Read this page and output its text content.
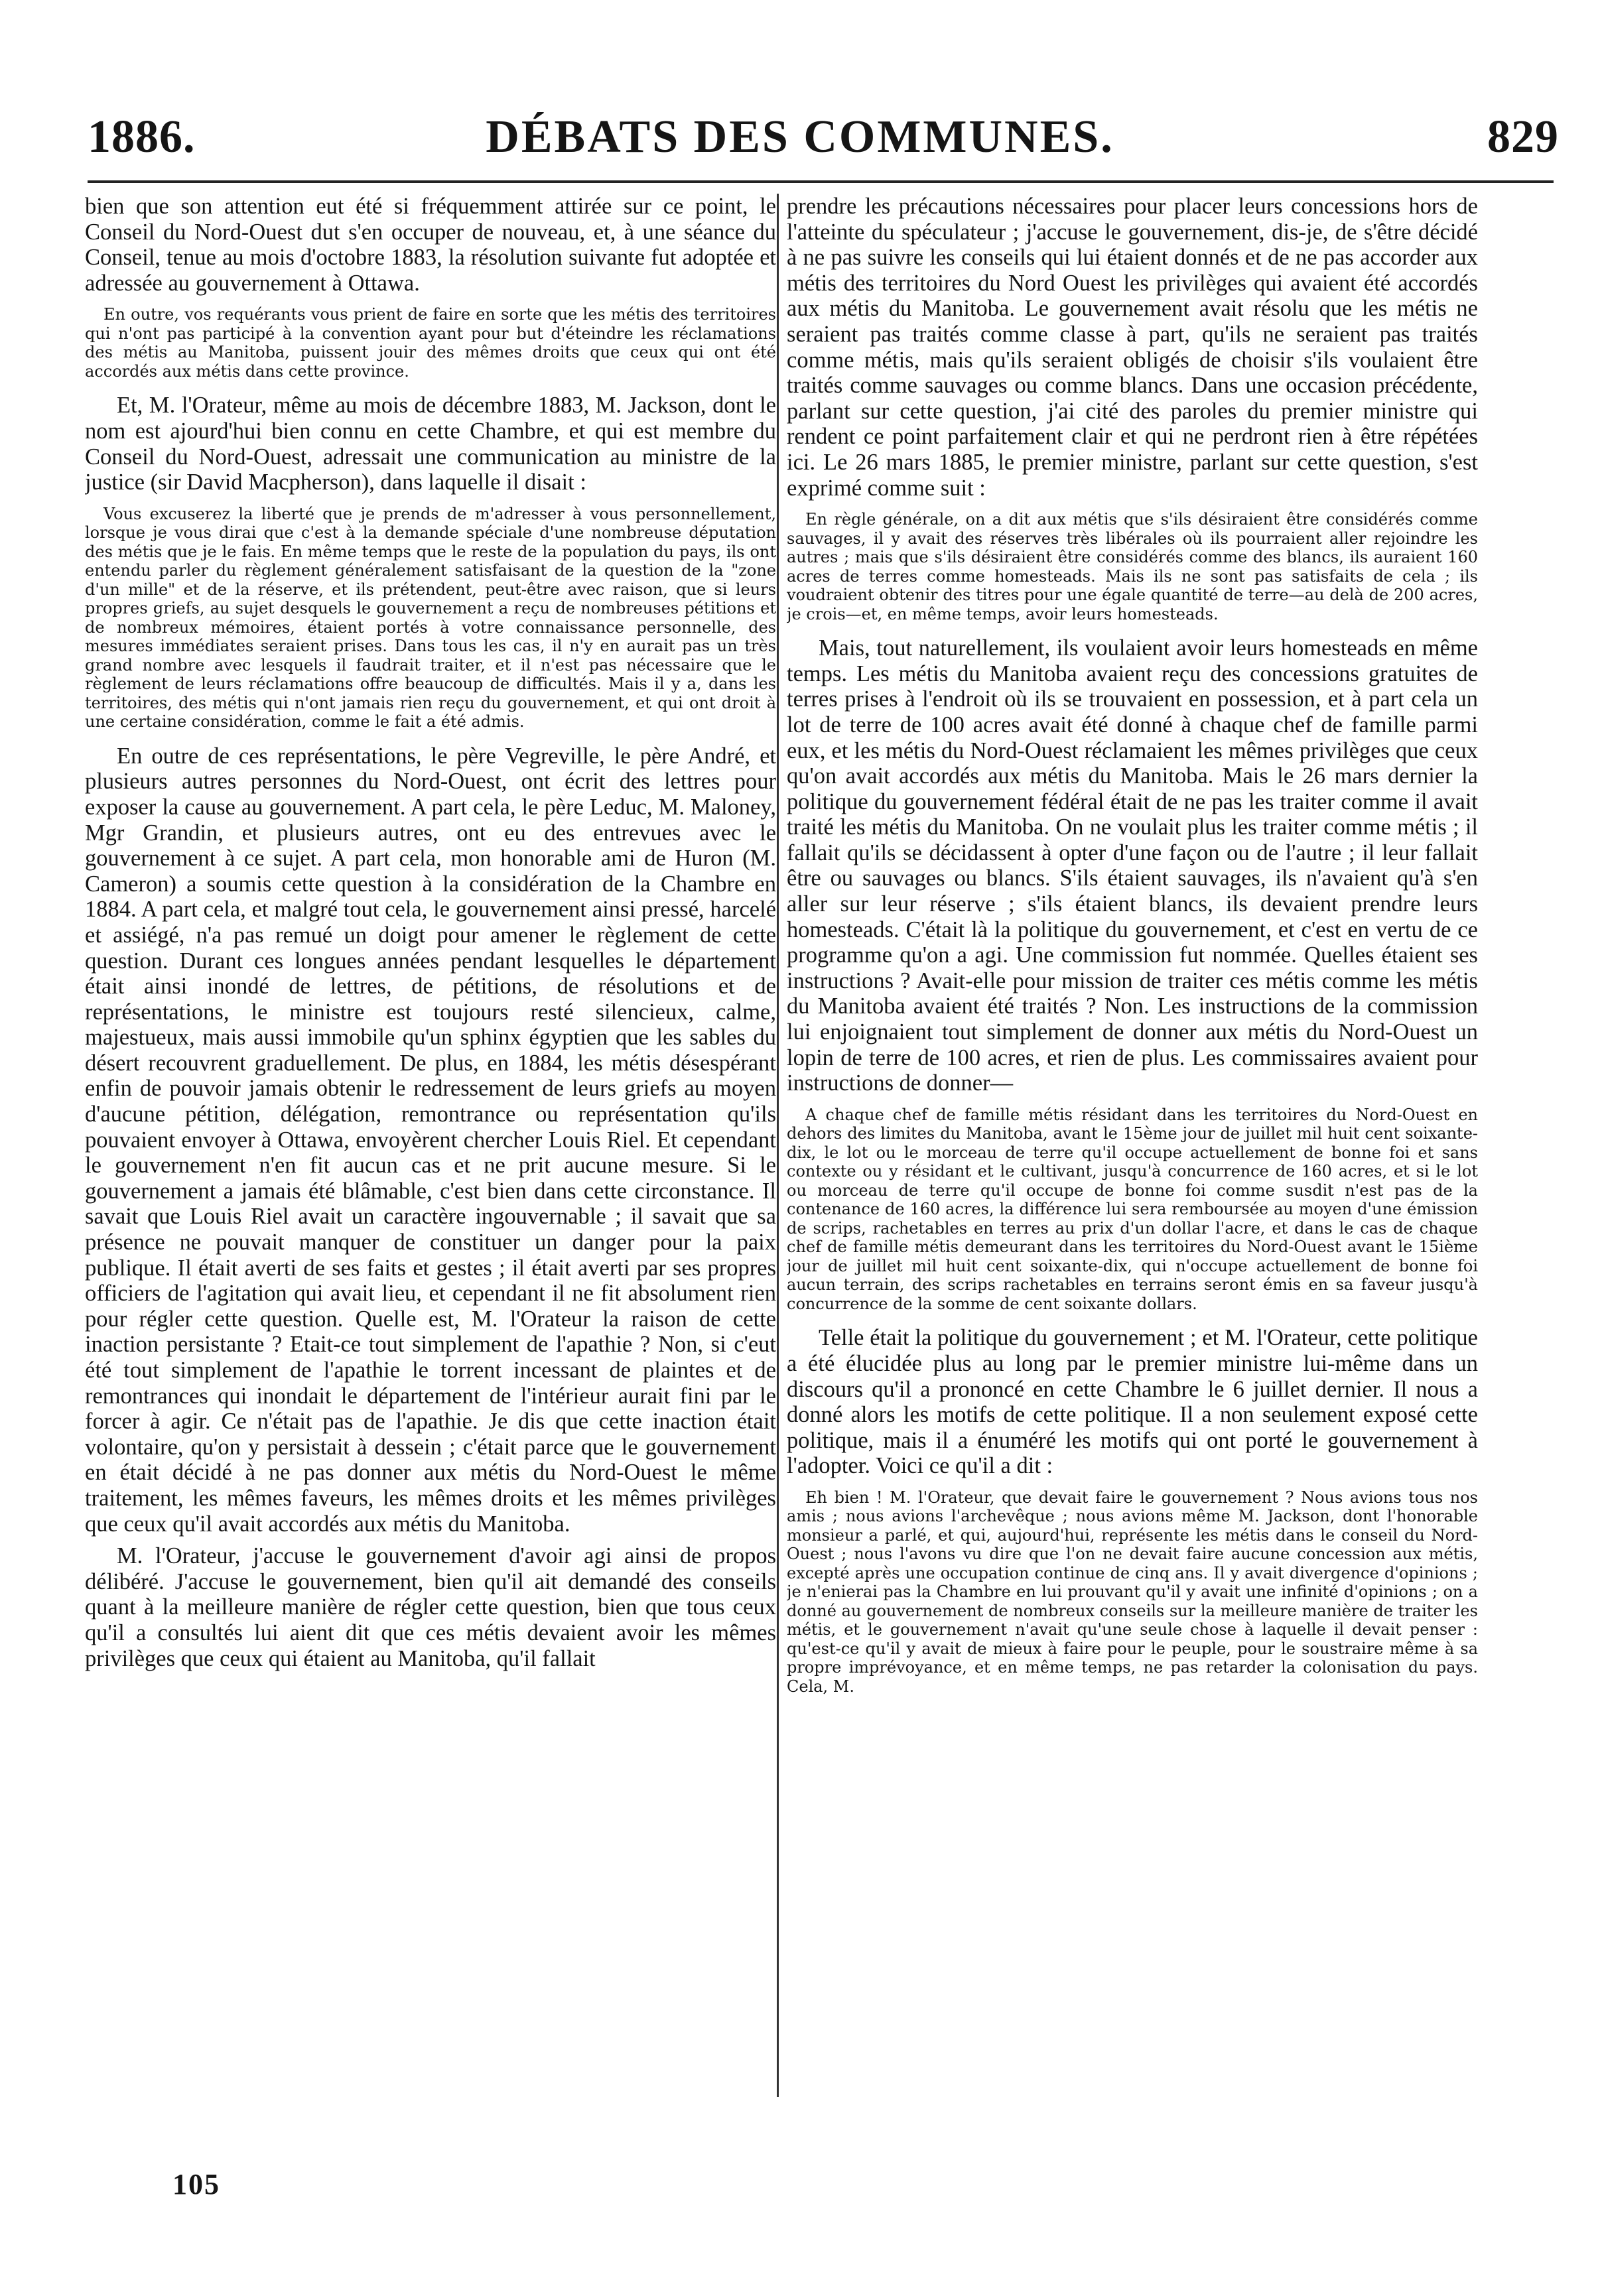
1886.	DÉBATS DES COMMUNES.	829

bien que son attention eut été si fréquemment attirée sur ce point, le Conseil du Nord-Ouest dut s'en occuper de nouveau, et, à une séance du Conseil, tenue au mois d'octobre 1883, la résolution suivante fut adoptée et adressée au gouvernement à Ottawa.

En outre, vos requérants vous prient de faire en sorte que les métis des territoires qui n'ont pas participé à la convention ayant pour but d'éteindre les réclamations des métis au Manitoba, puissent jouir des mêmes droits que ceux qui ont été accordés aux métis dans cette province.

Et, M. l'Orateur, même au mois de décembre 1883, M. Jackson, dont le nom est ajourd'hui bien connu en cette Chambre, et qui est membre du Conseil du Nord-Ouest, adressait une communication au ministre de la justice (sir David Macpherson), dans laquelle il disait :

Vous excuserez la liberté que je prends de m'adresser à vous personnellement, lorsque je vous dirai que c'est à la demande spéciale d'une nombreuse députation des métis que je le fais. En même temps que le reste de la population du pays, ils ont entendu parler du règlement généralement satisfaisant de la question de la "zone d'un mille" et de la réserve, et ils prétendent, peut-être avec raison, que si leurs propres griefs, au sujet desquels le gouvernement a reçu de nombreuses pétitions et de nombreux mémoires, étaient portés à votre connaissance personnelle, des mesures immédiates seraient prises. Dans tous les cas, il n'y en aurait pas un très grand nombre avec lesquels il faudrait traiter, et il n'est pas nécessaire que le règlement de leurs réclamations offre beaucoup de difficultés. Mais il y a, dans les territoires, des métis qui n'ont jamais rien reçu du gouvernement, et qui ont droit à une certaine considération, comme le fait a été admis.

En outre de ces représentations, le père Vegreville, le père André, et plusieurs autres personnes du Nord-Ouest, ont écrit des lettres pour exposer la cause au gouvernement. A part cela, le père Leduc, M. Maloney, Mgr Grandin, et plusieurs autres, ont eu des entrevues avec le gouvernement à ce sujet. A part cela, mon honorable ami de Huron (M. Cameron) a soumis cette question à la considération de la Chambre en 1884. A part cela, et malgré tout cela, le gouvernement ainsi pressé, harcelé et assiégé, n'a pas remué un doigt pour amener le règlement de cette question. Durant ces longues années pendant lesquelles le département était ainsi inondé de lettres, de pétitions, de résolutions et de représentations, le ministre est toujours resté silencieux, calme, majestueux, mais aussi immobile qu'un sphinx égyptien que les sables du désert recouvrent graduellement. De plus, en 1884, les métis désespérant enfin de pouvoir jamais obtenir le redressement de leurs griefs au moyen d'aucune pétition, délégation, remontrance ou représentation qu'ils pouvaient envoyer à Ottawa, envoyèrent chercher Louis Riel. Et cependant le gouvernement n'en fit aucun cas et ne prit aucune mesure. Si le gouvernement a jamais été blâmable, c'est bien dans cette circonstance. Il savait que Louis Riel avait un caractère ingouvernable ; il savait que sa présence ne pouvait manquer de constituer un danger pour la paix publique. Il était averti de ses faits et gestes ; il était averti par ses propres officiers de l'agitation qui avait lieu, et cependant il ne fit absolument rien pour régler cette question. Quelle est, M. l'Orateur la raison de cette inaction persistante ? Etait-ce tout simplement de l'apathie ? Non, si c'eut été tout simplement de l'apathie le torrent incessant de plaintes et de remontrances qui inondait le département de l'intérieur aurait fini par le forcer à agir. Ce n'était pas de l'apathie. Je dis que cette inaction était volontaire, qu'on y persistait à dessein ; c'était parce que le gouvernement en était décidé à ne pas donner aux métis du Nord-Ouest le même traitement, les mêmes faveurs, les mêmes droits et les mêmes privilèges que ceux qu'il avait accordés aux métis du Manitoba.

M. l'Orateur, j'accuse le gouvernement d'avoir agi ainsi de propos délibéré. J'accuse le gouvernement, bien qu'il ait demandé des conseils quant à la meilleure manière de régler cette question, bien que tous ceux qu'il a consultés lui aient dit que ces métis devaient avoir les mêmes privilèges que ceux qui étaient au Manitoba, qu'il fallait

prendre les précautions nécessaires pour placer leurs concessions hors de l'atteinte du spéculateur ; j'accuse le gouvernement, dis-je, de s'être décidé à ne pas suivre les conseils qui lui étaient donnés et de ne pas accorder aux métis des territoires du Nord Ouest les privilèges qui avaient été accordés aux métis du Manitoba. Le gouvernement avait résolu que les métis ne seraient pas traités comme classe à part, qu'ils ne seraient pas traités comme métis, mais qu'ils seraient obligés de choisir s'ils voulaient être traités comme sauvages ou comme blancs. Dans une occasion précédente, parlant sur cette question, j'ai cité des paroles du premier ministre qui rendent ce point parfaitement clair et qui ne perdront rien à être répétées ici. Le 26 mars 1885, le premier ministre, parlant sur cette question, s'est exprimé comme suit :

En règle générale, on a dit aux métis que s'ils désiraient être considérés comme sauvages, il y avait des réserves très libérales où ils pourraient aller rejoindre les autres ; mais que s'ils désiraient être considérés comme des blancs, ils auraient 160 acres de terres comme homesteads. Mais ils ne sont pas satisfaits de cela ; ils voudraient obtenir des titres pour une égale quantité de terre—au delà de 200 acres, je crois—et, en même temps, avoir leurs homesteads.

Mais, tout naturellement, ils voulaient avoir leurs homesteads en même temps. Les métis du Manitoba avaient reçu des concessions gratuites de terres prises à l'endroit où ils se trouvaient en possession, et à part cela un lot de terre de 100 acres avait été donné à chaque chef de famille parmi eux, et les métis du Nord-Ouest réclamaient les mêmes privilèges que ceux qu'on avait accordés aux métis du Manitoba. Mais le 26 mars dernier la politique du gouvernement fédéral était de ne pas les traiter comme il avait traité les métis du Manitoba. On ne voulait plus les traiter comme métis ; il fallait qu'ils se décidassent à opter d'une façon ou de l'autre ; il leur fallait être ou sauvages ou blancs. S'ils étaient sauvages, ils n'avaient qu'à s'en aller sur leur réserve ; s'ils étaient blancs, ils devaient prendre leurs homesteads. C'était là la politique du gouvernement, et c'est en vertu de ce programme qu'on a agi. Une commission fut nommée. Quelles étaient ses instructions ? Avait-elle pour mission de traiter ces métis comme les métis du Manitoba avaient été traités ? Non. Les instructions de la commission lui enjoignaient tout simplement de donner aux métis du Nord-Ouest un lopin de terre de 100 acres, et rien de plus. Les commissaires avaient pour instructions de donner—

A chaque chef de famille métis résidant dans les territoires du Nord-Ouest en dehors des limites du Manitoba, avant le 15ème jour de juillet mil huit cent soixante-dix, le lot ou le morceau de terre qu'il occupe actuellement de bonne foi et sans contexte ou y résidant et le cultivant, jusqu'à concurrence de 160 acres, et si le lot ou morceau de terre qu'il occupe de bonne foi comme susdit n'est pas de la contenance de 160 acres, la différence lui sera remboursée au moyen d'une émission de scrips, rachetables en terres au prix d'un dollar l'acre, et dans le cas de chaque chef de famille métis demeurant dans les territoires du Nord-Ouest avant le 15ième jour de juillet mil huit cent soixante-dix, qui n'occupe actuellement de bonne foi aucun terrain, des scrips rachetables en terrains seront émis en sa faveur jusqu'à concurrence de la somme de cent soixante dollars.

Telle était la politique du gouvernement ; et M. l'Orateur, cette politique a été élucidée plus au long par le premier ministre lui-même dans un discours qu'il a prononcé en cette Chambre le 6 juillet dernier. Il nous a donné alors les motifs de cette politique. Il a non seulement exposé cette politique, mais il a énuméré les motifs qui ont porté le gouvernement à l'adopter. Voici ce qu'il a dit :

Eh bien ! M. l'Orateur, que devait faire le gouvernement ? Nous avions tous nos amis ; nous avions l'archevêque ; nous avions même M. Jackson, dont l'honorable monsieur a parlé, et qui, aujourd'hui, représente les métis dans le conseil du Nord-Ouest ; nous l'avons vu dire que l'on ne devait faire aucune concession aux métis, excepté après une occupation continue de cinq ans. Il y avait divergence d'opinions ; je n'enierai pas la Chambre en lui prouvant qu'il y avait une infinité d'opinions ; on a donné au gouvernement de nombreux conseils sur la meilleure manière de traiter les métis, et le gouvernement n'avait qu'une seule chose à laquelle il devait penser : qu'est-ce qu'il y avait de mieux à faire pour le peuple, pour le soustraire même à sa propre imprévoyance, et en même temps, ne pas retarder la colonisation du pays. Cela, M.

105
